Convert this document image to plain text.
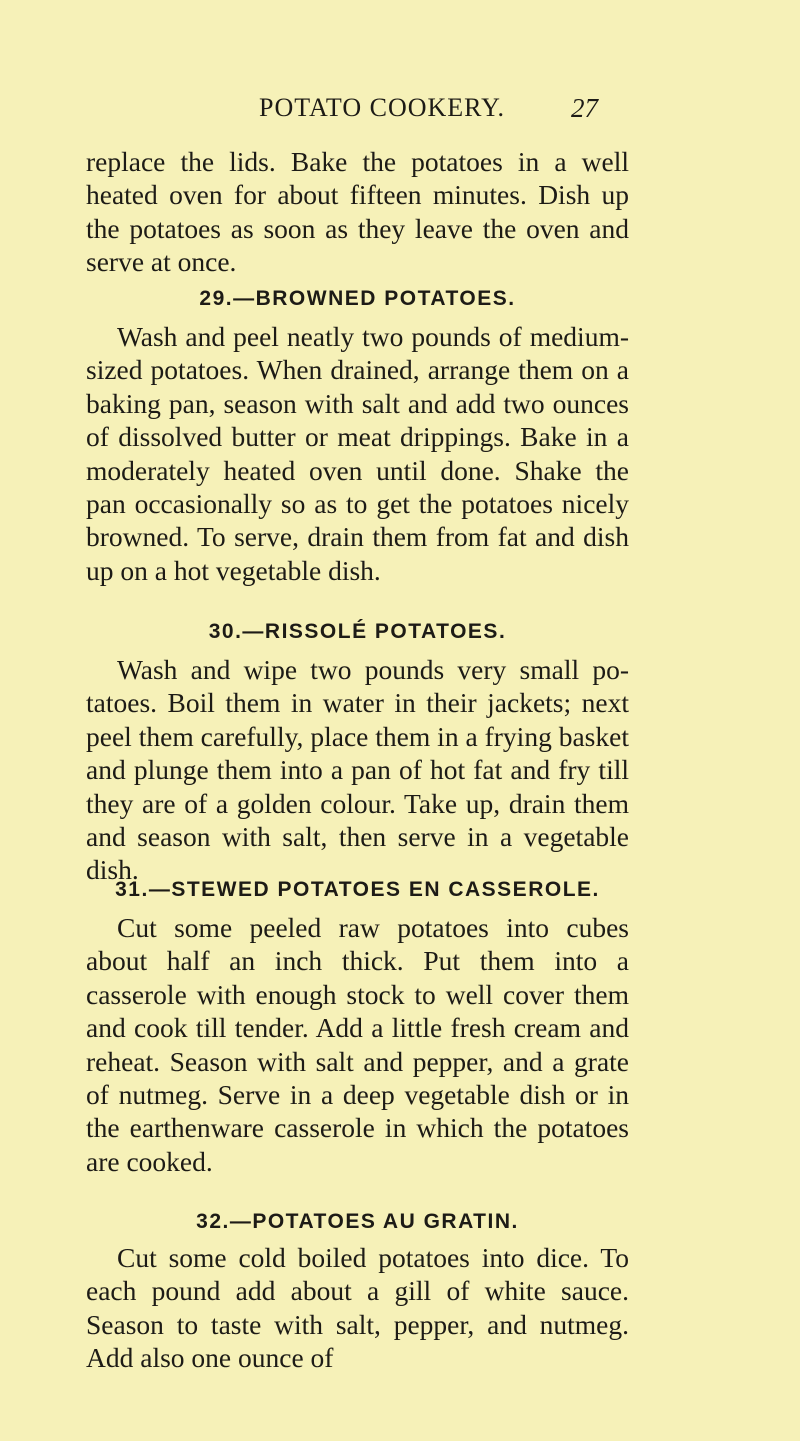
POTATO COOKERY. 27

replace the lids. Bake the potatoes in a well heated oven for about fifteen minutes. Dish up the potatoes as soon as they leave the oven and serve at once.

29.—BROWNED POTATOES.

Wash and peel neatly two pounds of medium-sized potatoes. When drained, arrange them on a baking pan, season with salt and add two ounces of dissolved butter or meat drippings. Bake in a moderately heated oven until done. Shake the pan occasionally so as to get the potatoes nicely browned. To serve, drain them from fat and dish up on a hot vegetable dish.

30.—RISSOLÉ POTATOES.

Wash and wipe two pounds very small potatoes. Boil them in water in their jackets; next peel them carefully, place them in a frying basket and plunge them into a pan of hot fat and fry till they are of a golden colour. Take up, drain them and season with salt, then serve in a vegetable dish.

31.—STEWED POTATOES EN CASSEROLE.

Cut some peeled raw potatoes into cubes about half an inch thick. Put them into a casserole with enough stock to well cover them and cook till tender. Add a little fresh cream and reheat. Season with salt and pepper, and a grate of nutmeg. Serve in a deep vegetable dish or in the earthenware casserole in which the potatoes are cooked.

32.—POTATOES AU GRATIN.

Cut some cold boiled potatoes into dice. To each pound add about a gill of white sauce. Season to taste with salt, pepper, and nutmeg. Add also one ounce of
